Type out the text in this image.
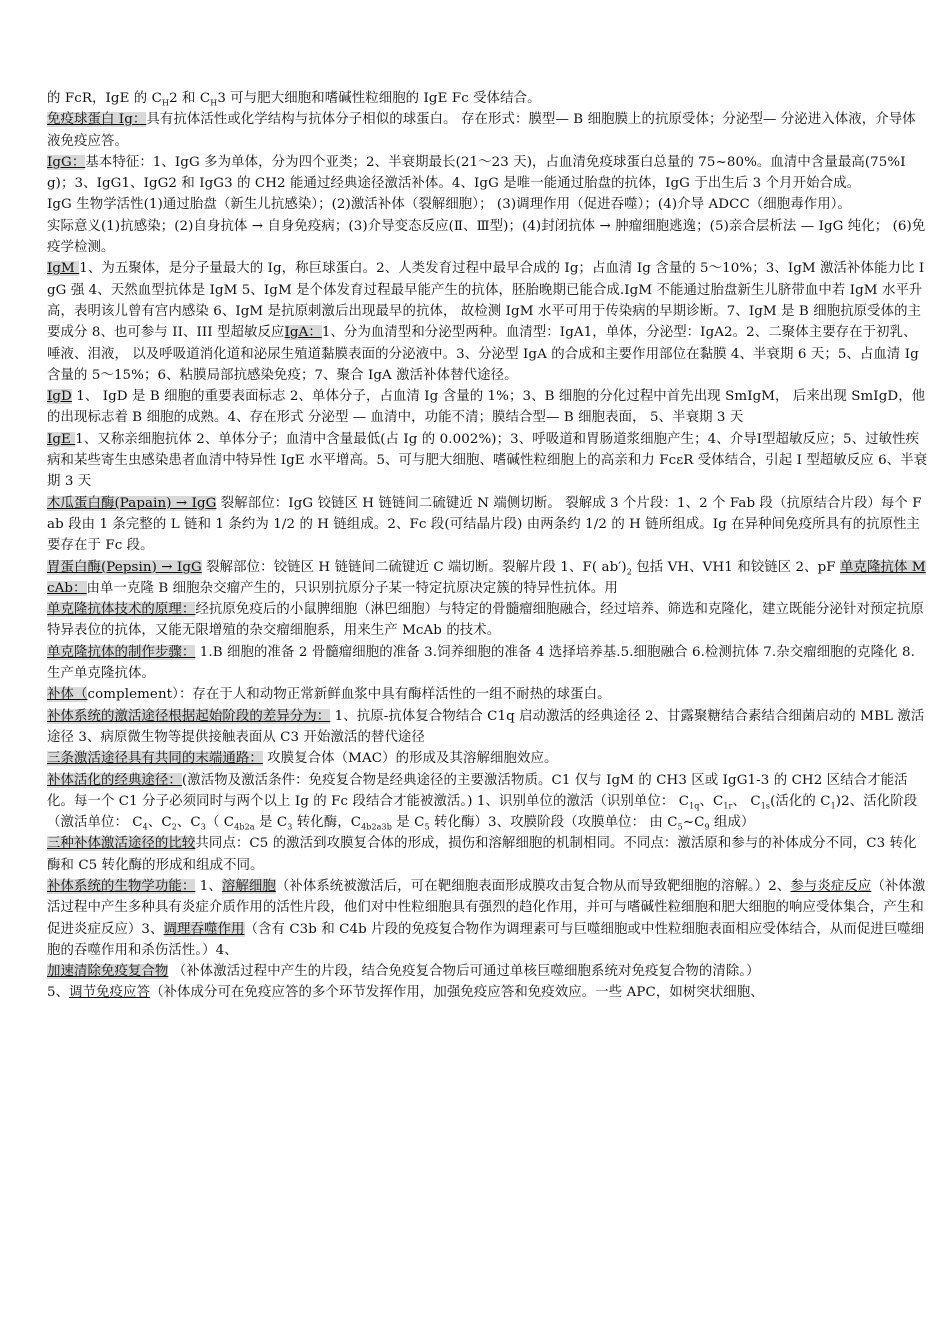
的 FcR，IgE 的 $C_H2$ 和 $C_H3$ 可与肥大细胞和嗜碱性粒细胞的 IgE Fc 受体结合。

免疫球蛋白 Ig：具有抗体活性或化学结构与抗体分子相似的球蛋白。 存在形式：膜型— B 细胞膜上的抗原受体；分泌型— 分泌进入体液，介导体液免疫应答。

IgG：基本特征：1、IgG 多为单体，分为四个亚类；2、半衰期最长(21～23 天)，占血清免疫球蛋白总量的 75~80%。血清中含量最高(75%Ig)；3、IgG1、IgG2 和 IgG3 的 CH2 能通过经典途径激活补体。4、IgG 是唯一能通过胎盘的抗体，IgG 于出生后 3 个月开始合成。

IgG 生物学活性(1)通过胎盘（新生儿抗感染）；(2)激活补体（裂解细胞）； (3)调理作用（促进吞噬）；(4)介导 ADCC（细胞毒作用）。

实际意义(1)抗感染；(2)自身抗体 → 自身免疫病；(3)介导变态反应(Ⅱ、Ⅲ型)；(4)封闭抗体 → 肿瘤细胞逃逸；(5)亲合层析法 — IgG 纯化； (6)免疫学检测。

IgM 1、为五聚体，是分子量最大的 Ig，称巨球蛋白。2、人类发育过程中最早合成的 Ig；占血清 Ig 含量的 5～10%；3、IgM 激活补体能力比 IgG 强 4、天然血型抗体是 IgM 5、IgM 是个体发育过程最早能产生的抗体，胚胎晚期已能合成.IgM 不能通过胎盘新生儿脐带血中若 IgM 水平升高，表明该儿曾有宫内感染 6、IgM 是抗原刺激后出现最早的抗体， 故检测 IgM 水平可用于传染病的早期诊断。7、IgM 是 B 细胞抗原受体的主要成分 8、也可参与 II、III 型超敏反应IgA：1、分为血清型和分泌型两种。血清型：IgA1，单体，分泌型：IgA2。2、二聚体主要存在于初乳、唾液、泪液， 以及呼吸道消化道和泌尿生殖道黏膜表面的分泌液中。3、分泌型 IgA 的合成和主要作用部位在黏膜 4、半衰期 6 天；5、占血清 Ig 含量的 5～15%；6、粘膜局部抗感染免疫；7、聚合 IgA 激活补体替代途径。

IgD 1、 IgD 是 B 细胞的重要表面标志 2、单体分子，占血清 Ig 含量的 1%；3、B 细胞的分化过程中首先出现 SmIgM， 后来出现 SmIgD，他的出现标志着 B 细胞的成熟。4、存在形式 分泌型 — 血清中，功能不清；膜结合型— B 细胞表面， 5、半衰期 3 天

IgE 1、又称亲细胞抗体 2、单体分子；血清中含量最低(占 Ig 的 0.002%)；3、呼吸道和胃肠道浆细胞产生；4、介导Ⅰ型超敏反应；5、过敏性疾病和某些寄生虫感染患者血清中特异性 IgE 水平增高。5、可与肥大细胞、嗜碱性粒细胞上的高亲和力 FcεR 受体结合，引起 I 型超敏反应 6、半衰期 3 天

木瓜蛋白酶(Papain) → IgG 裂解部位：IgG 铰链区 H 链链间二硫键近 N 端侧切断。 裂解成 3 个片段：1、2 个 Fab 段（抗原结合片段）每个 Fab 段由 1 条完整的 L 链和 1 条约为 1/2 的 H 链组成。2、Fc 段(可结晶片段) 由两条约 1/2 的 H 链所组成。Ig 在异种间免疫所具有的抗原性主要存在于 Fc 段。

胃蛋白酶(Pepsin) → IgG 裂解部位：铰链区 H 链链间二硫键近 C 端切断。裂解片段 1、F( $ab')_2$ 包括 VH、VH1 和铰链区 2、pF 单克隆抗体 McAb：由单一克隆 B 细胞杂交瘤产生的，只识别抗原分子某一特定抗原决定簇的特异性抗体。用

单克隆抗体技术的原理：经抗原免疫后的小鼠脾细胞（淋巴细胞）与特定的骨髓瘤细胞融合，经过培养、筛选和克隆化，建立既能分泌针对预定抗原特异表位的抗体，又能无限增殖的杂交瘤细胞系，用来生产 McAb 的技术。

单克隆抗体的制作步骤： 1.B 细胞的准备 2 骨髓瘤细胞的准备 3.饲养细胞的准备 4 选择培养基.5.细胞融合 6.检测抗体 7.杂交瘤细胞的克隆化 8.生产单克隆抗体。

补体（complement）：存在于人和动物正常新鲜血浆中具有酶样活性的一组不耐热的球蛋白。

补体系统的激活途径根据起始阶段的差异分为： 1、抗原-抗体复合物结合 C1q 启动激活的经典途径 2、甘露聚糖结合素结合细菌启动的 MBL 激活途径 3、病原微生物等提供接触表面从 C3 开始激活的替代途径

三条激活途径具有共同的末端通路： 攻膜复合体（MAC）的形成及其溶解细胞效应。

补体活化的经典途径：(激活物及激活条件：免疫复合物是经典途径的主要激活物质。C1 仅与 IgM 的 CH3 区或 IgG1-3 的 CH2 区结合才能活化。每一个 C1 分子必须同时与两个以上 Ig 的 Fc 段结合才能被激活。) 1、识别单位的激活（识别单位： $C_{1q}$、$C_{1r}$、 $C_{1s}$(活化的 $C_1)2$、活化阶段（激活单位： $C_4$、$C_2$、$C_3$（ $C_{4b2a}$ 是 $C_3$ 转化酶，$C_{4b2a3b}$ 是 $C_5$ 转化酶）3、攻膜阶段（攻膜单位： 由 $C_5\sim C_9$ 组成）

三种补体激活途径的比较共同点：C5 的激活到攻膜复合体的形成，损伤和溶解细胞的机制相同。不同点：激活原和参与的补体成分不同，C3 转化酶和 C5 转化酶的形成和组成不同。

补体系统的生物学功能： 1、溶解细胞（补体系统被激活后，可在靶细胞表面形成膜攻击复合物从而导致靶细胞的溶解。）2、参与炎症反应（补体激活过程中产生多种具有炎症介质作用的活性片段，他们对中性粒细胞具有强烈的趋化作用，并可与嗜碱性粒细胞和肥大细胞的响应受体集合，产生和促进炎症反应）3、调理吞噬作用（含有 C3b 和 C4b 片段的免疫复合物作为调理素可与巨噬细胞或中性粒细胞表面相应受体结合，从而促进巨噬细胞的吞噬作用和杀伤活性。）4、

加速清除免疫复合物 （补体激活过程中产生的片段，结合免疫复合物后可通过单核巨噬细胞系统对免疫复合物的清除。）

5、调节免疫应答（补体成分可在免疫应答的多个环节发挥作用，加强免疫应答和免疫效应。一些 APC，如树突状细胞、
